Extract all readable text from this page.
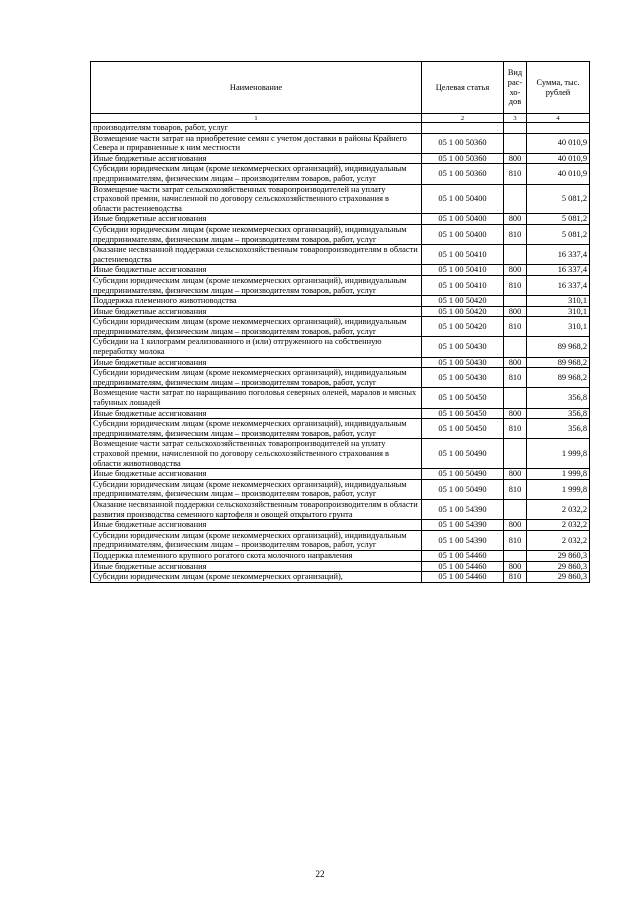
Наименование	Целевая статья	Вид рас-хо-дов	Сумма, тыс. рублей
1	2	3	4
производителям товаров, работ, услуг			
Возмещение части затрат на приобретение семян с учетом доставки в районы Крайнего Севера и приравненные к ним местности	05 1 00 50360		40 010,9
Иные бюджетные ассигнования	05 1 00 50360	800	40 010,9
Субсидии юридическим лицам (кроме некоммерческих организаций), индивидуальным предпринимателям, физическим лицам – производителям товаров, работ, услуг	05 1 00 50360	810	40 010,9
Возмещение части затрат сельскохозяйственных товаропроизводителей на уплату страховой премии, начисленной по договору сельскохозяйственного страхования в области растениеводства	05 1 00 50400		5 081,2
Иные бюджетные ассигнования	05 1 00 50400	800	5 081,2
Субсидии юридическим лицам (кроме некоммерческих организаций), индивидуальным предпринимателям, физическим лицам – производителям товаров, работ, услуг	05 1 00 50400	810	5 081,2
Оказание несвязанной поддержки сельскохозяйственным товаропроизводителям в области растениеводства	05 1 00 50410		16 337,4
Иные бюджетные ассигнования	05 1 00 50410	800	16 337,4
Субсидии юридическим лицам (кроме некоммерческих организаций), индивидуальным предпринимателям, физическим лицам – производителям товаров, работ, услуг	05 1 00 50410	810	16 337,4
Поддержка племенного животноводства	05 1 00 50420		310,1
Иные бюджетные ассигнования	05 1 00 50420	800	310,1
Субсидии юридическим лицам (кроме некоммерческих организаций), индивидуальным предпринимателям, физическим лицам – производителям товаров, работ, услуг	05 1 00 50420	810	310,1
Субсидии на 1 килограмм реализованного и (или) отгруженного на собственную переработку молока	05 1 00 50430		89 968,2
Иные бюджетные ассигнования	05 1 00 50430	800	89 968,2
Субсидии юридическим лицам (кроме некоммерческих организаций), индивидуальным предпринимателям, физическим лицам – производителям товаров, работ, услуг	05 1 00 50430	810	89 968,2
Возмещение части затрат по наращиванию поголовья северных оленей, маралов и мясных табунных лошадей	05 1 00 50450		356,8
Иные бюджетные ассигнования	05 1 00 50450	800	356,8
Субсидии юридическим лицам (кроме некоммерческих организаций), индивидуальным предпринимателям, физическим лицам – производителям товаров, работ, услуг	05 1 00 50450	810	356,8
Возмещение части затрат сельскохозяйственных товаропроизводителей на уплату страховой премии, начисленной по договору сельскохозяйственного страхования в области животноводства	05 1 00 50490		1 999,8
Иные бюджетные ассигнования	05 1 00 50490	800	1 999,8
Субсидии юридическим лицам (кроме некоммерческих организаций), индивидуальным предпринимателям, физическим лицам – производителям товаров, работ, услуг	05 1 00 50490	810	1 999,8
Оказание несвязанной поддержки сельскохозяйственным товаропроизводителям в области развития производства семенного картофеля и овощей открытого грунта	05 1 00 54390		2 032,2
Иные бюджетные ассигнования	05 1 00 54390	800	2 032,2
Субсидии юридическим лицам (кроме некоммерческих организаций), индивидуальным предпринимателям, физическим лицам – производителям товаров, работ, услуг	05 1 00 54390	810	2 032,2
Поддержка племенного крупного рогатого скота молочного направления	05 1 00 54460		29 860,3
Иные бюджетные ассигнования	05 1 00 54460	800	29 860,3
Субсидии юридическим лицам (кроме некоммерческих организаций),	05 1 00 54460	810	29 860,3
22
